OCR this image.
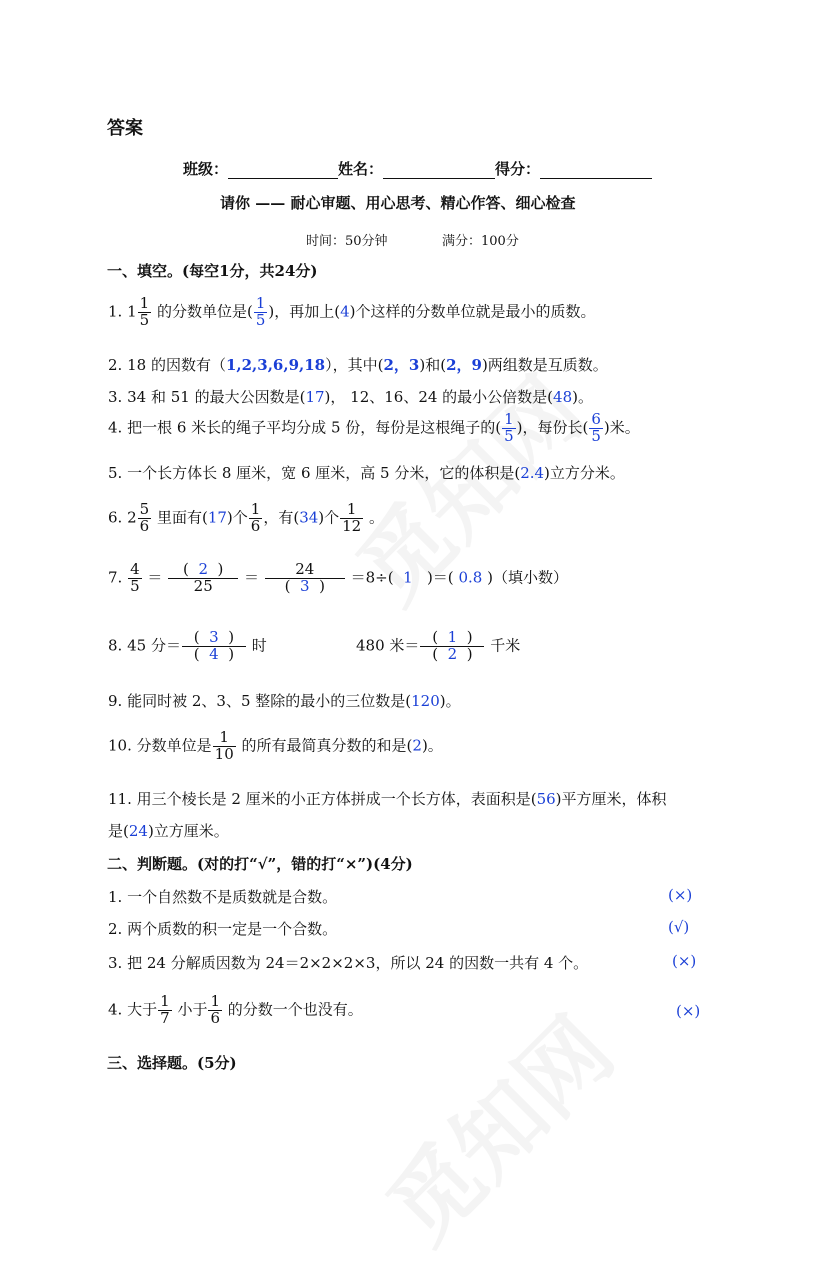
答案
班级：	姓名：	得分：
请你 —— 耐心审题、用心思考、精心作答、细心检查
时间：50分钟	满分：100分
一、填空。(每空1分，共24分)
1. $1 \frac{1}{5}$ 的分数单位是( $\frac{1}{5}$ )，再加上(4)个这样的分数单位就是最小的质数。
2. 18 的因数有（1,2,3,6,9,18），其中(2，3)和(2，9)两组数是互质数。
3. 34 和 51 的最大公因数是(17)， 12、16、24 的最小公倍数是(48)。
4. 把一根 6 米长的绳子平均分成 5 份，每份是这根绳子的( $\frac{1}{5}$ )，每份长( $\frac{6}{5}$ )米。
5. 一个长方体长 8 厘米，宽 6 厘米，高 5 分米，它的体积是(2.4)立方分米。
6. $2 \frac{5}{6}$ 里面有(17)个 $\frac{1}{6}$ ，有(34)个 $\frac{1}{12}$ 。
7. $\frac{4}{5} = \frac{( 2 )}{25} = \frac{24}{( 3 )} =8\div$( 1 )＝( 0.8 )（填小数）
8. 45 分＝ $\frac{( 3 )}{( 4 )}$ 时	480 米＝ $\frac{( 1 )}{( 2 )}$ 千米
9. 能同时被 2、3、5 整除的最小的三位数是(120)。
10. 分数单位是 $\frac{1}{10}$ 的所有最简真分数的和是(2)。
11. 用三个棱长是 2 厘米的小正方体拼成一个长方体，表面积是(56)平方厘米，体积
是(24)立方厘米。
二、判断题。(对的打“√”，错的打“×”)(4分)
1. 一个自然数不是质数就是合数。	(×)
2. 两个质数的积一定是一个合数。	(√)
3. 把 24 分解质因数为 24＝2×2×2×3，所以 24 的因数一共有 4 个。	(×)
4. 大于 $\frac{1}{7}$ 小于 $\frac{1}{6}$ 的分数一个也没有。	(×)
三、选择题。(5分)
